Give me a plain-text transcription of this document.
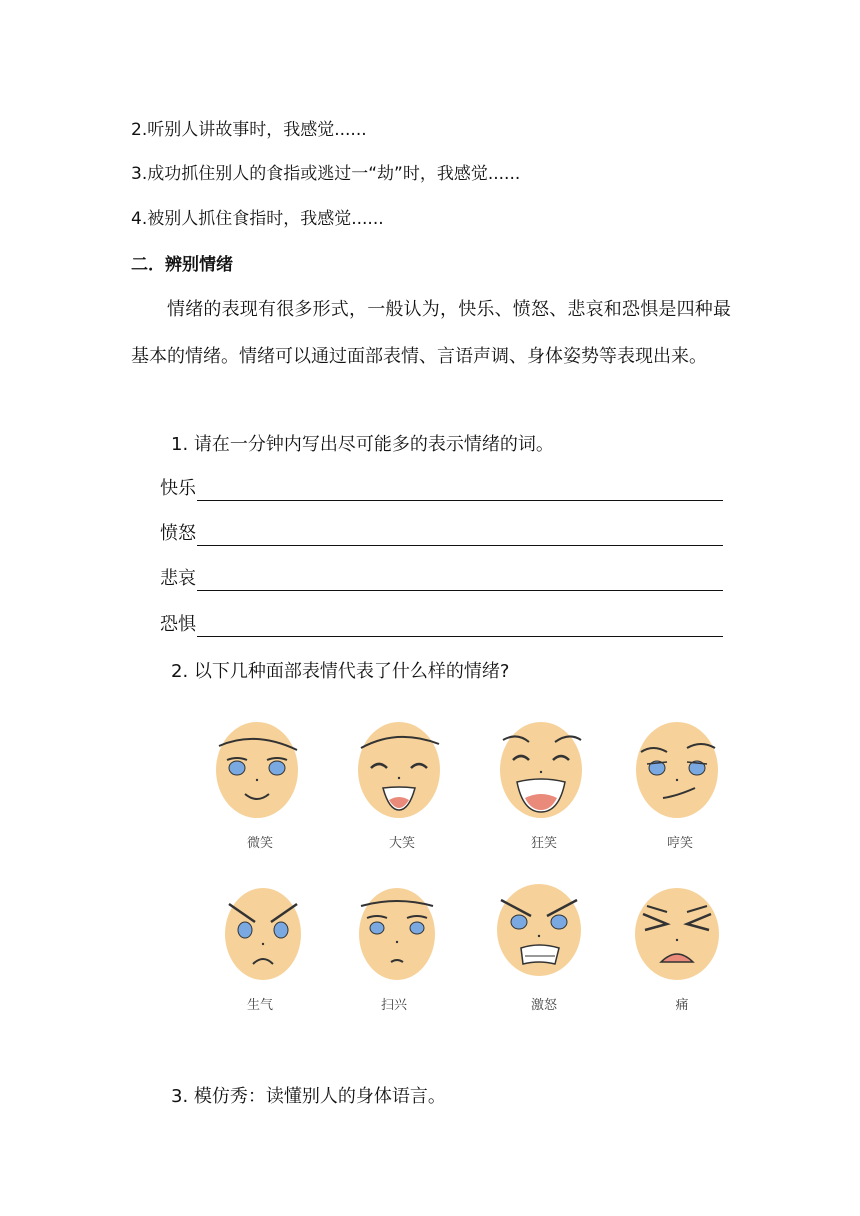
2.听别人讲故事时，我感觉......
3.成功抓住别人的食指或逃过一“劫”时，我感觉......
4.被别人抓住食指时，我感觉......
二．辨别情绪
情绪的表现有很多形式，一般认为，快乐、愤怒、悲哀和恐惧是四种最基本的情绪。情绪可以通过面部表情、言语声调、身体姿势等表现出来。
1. 请在一分钟内写出尽可能多的表示情绪的词。
快乐
愤怒
悲哀
恐惧
2. 以下几种面部表情代表了什么样的情绪?
微笑	大笑	狂笑	哼笑
生气	扫兴	激怒	痛
3. 模仿秀：读懂别人的身体语言。
